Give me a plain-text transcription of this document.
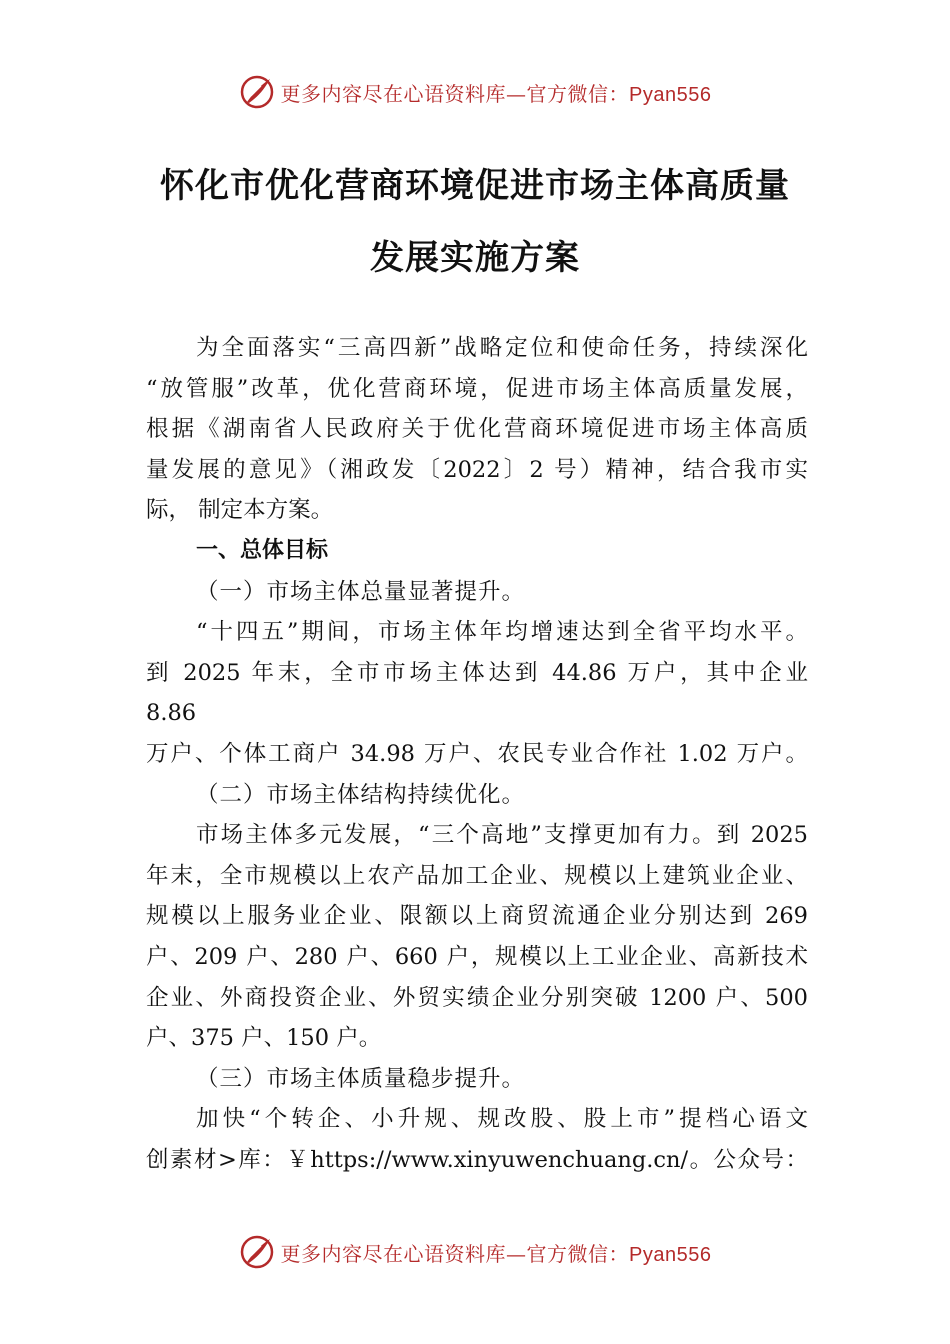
更多内容尽在心语资料库—官方微信：Pyan556
怀化市优化营商环境促进市场主体高质量
发展实施方案
为全面落实“三高四新”战略定位和使命任务，持续深化
“放管服”改革，优化营商环境，促进市场主体高质量发展，
根据《湖南省人民政府关于优化营商环境促进市场主体高质
量发展的意见》（湘政发〔2022〕2 号）精神，结合我市实
际， 制定本方案。
一、总体目标
（一）市场主体总量显著提升。
“十四五”期间，市场主体年均增速达到全省平均水平。
到 2025 年末，全市市场主体达到 44.86 万户，其中企业
8.86
万户、个体工商户 34.98 万户、农民专业合作社 1.02 万户。
（二）市场主体结构持续优化。
市场主体多元发展，“三个高地”支撑更加有力。到 2025
年末，全市规模以上农产品加工企业、规模以上建筑业企业、
规模以上服务业企业、限额以上商贸流通企业分别达到 269
户、209 户、280 户、660 户，规模以上工业企业、高新技术
企业、外商投资企业、外贸实绩企业分别突破 1200 户、500
户、375 户、150 户。
（三）市场主体质量稳步提升。
加快“个转企、小升规、规改股、股上市”提档心语文
创素材>库：￥https://www.xinyuwenchuang.cn/。公众号：
更多内容尽在心语资料库—官方微信：Pyan556
